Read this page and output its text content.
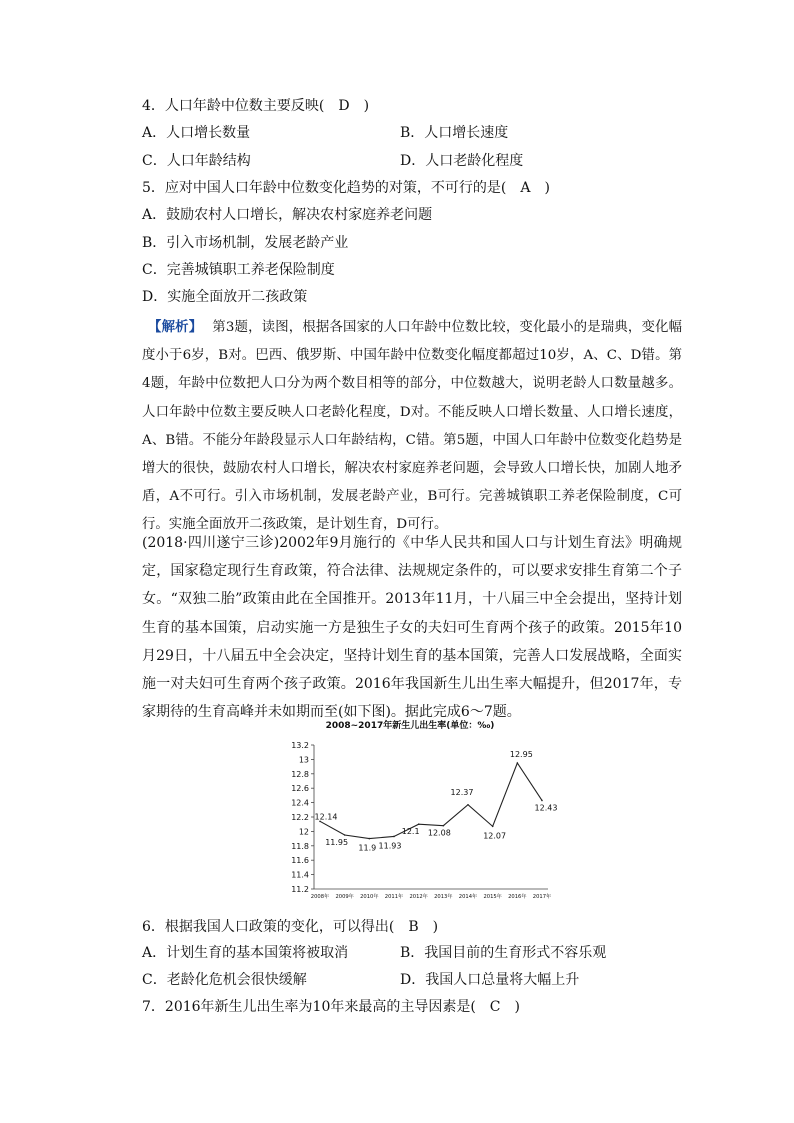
4．人口年龄中位数主要反映(　D　)
A．人口增长数量	B．人口增长速度
C．人口年龄结构	D．人口老龄化程度
5．应对中国人口年龄中位数变化趋势的对策，不可行的是(　A　)
A．鼓励农村人口增长，解决农村家庭养老问题
B．引入市场机制，发展老龄产业
C．完善城镇职工养老保险制度
D．实施全面放开二孩政策

【解析】 第3题，读图，根据各国家的人口年龄中位数比较，变化最小的是瑞典，变化幅度小于6岁，B对。巴西、俄罗斯、中国年龄中位数变化幅度都超过10岁，A、C、D错。第4题，年龄中位数把人口分为两个数目相等的部分，中位数越大，说明老龄人口数量越多。人口年龄中位数主要反映人口老龄化程度，D对。不能反映人口增长数量、人口增长速度，A、B错。不能分年龄段显示人口年龄结构，C错。第5题，中国人口年龄中位数变化趋势是增大的很快，鼓励农村人口增长，解决农村家庭养老问题，会导致人口增长快，加剧人地矛盾，A不可行。引入市场机制，发展老龄产业，B可行。完善城镇职工养老保险制度，C可行。实施全面放开二孩政策，是计划生育，D可行。

(2018·四川遂宁三诊)2002年9月施行的《中华人民共和国人口与计划生育法》明确规定，国家稳定现行生育政策，符合法律、法规规定条件的，可以要求安排生育第二个子女。“双独二胎”政策由此在全国推开。2013年11月，十八届三中全会提出，坚持计划生育的基本国策，启动实施一方是独生子女的夫妇可生育两个孩子的政策。2015年10月29日，十八届五中全会决定，坚持计划生育的基本国策，完善人口发展战略，全面实施一对夫妇可生育两个孩子政策。2016年我国新生儿出生率大幅提升，但2017年，专家期待的生育高峰并未如期而至(如下图)。据此完成6～7题。

2008~2017年新生儿出生率(单位：‰)
11.2
11.4
11.6
11.8
12
12.2
12.4
12.6
12.8
13
13.2
2008年 2009年 2010年 2011年 2012年 2013年 2014年 2015年 2016年 2017年
12.14
11.95
11.9 11.93
12.1 12.08
12.37
12.07
12.95
12.43
6．根据我国人口政策的变化，可以得出(　B　)
A．计划生育的基本国策将被取消	B．我国目前的生育形式不容乐观
C．老龄化危机会很快缓解	D．我国人口总量将大幅上升
7．2016年新生儿出生率为10年来最高的主导因素是(　C　)
